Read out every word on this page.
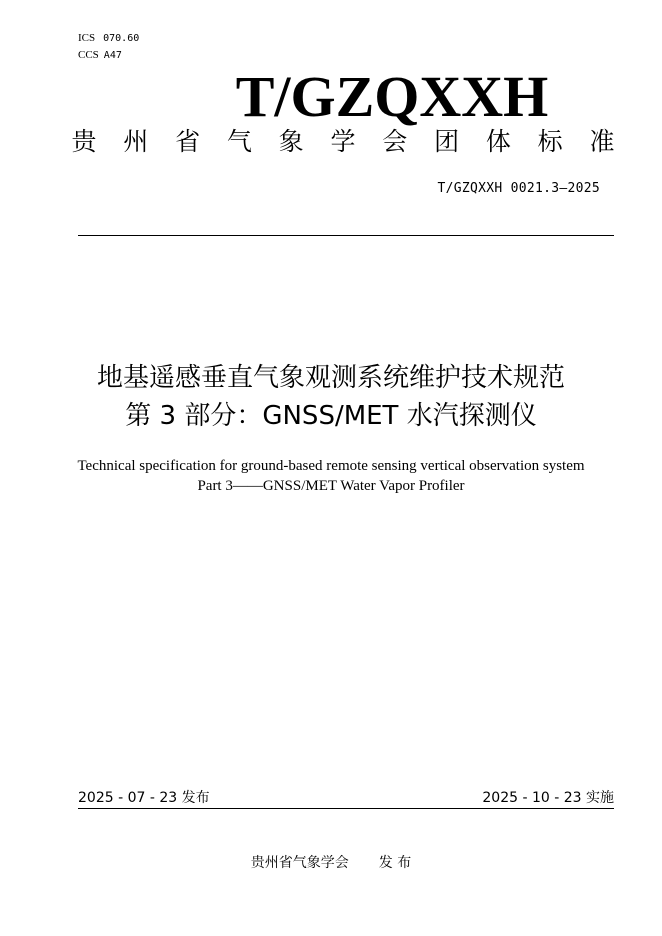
ICS 070.60
CCS A47
T/GZQXXH
贵 州 省 气 象 学 会 团 体 标 准
T/GZQXXH 0021.3—2025
地基遥感垂直气象观测系统维护技术规范
第 3 部分：GNSS/MET 水汽探测仪
Technical specification for ground-based remote sensing vertical observation system
Part 3——GNSS/MET Water Vapor Profiler
2025 - 07 - 23 发布	2025 - 10 - 23 实施
贵州省气象学会 发 布
